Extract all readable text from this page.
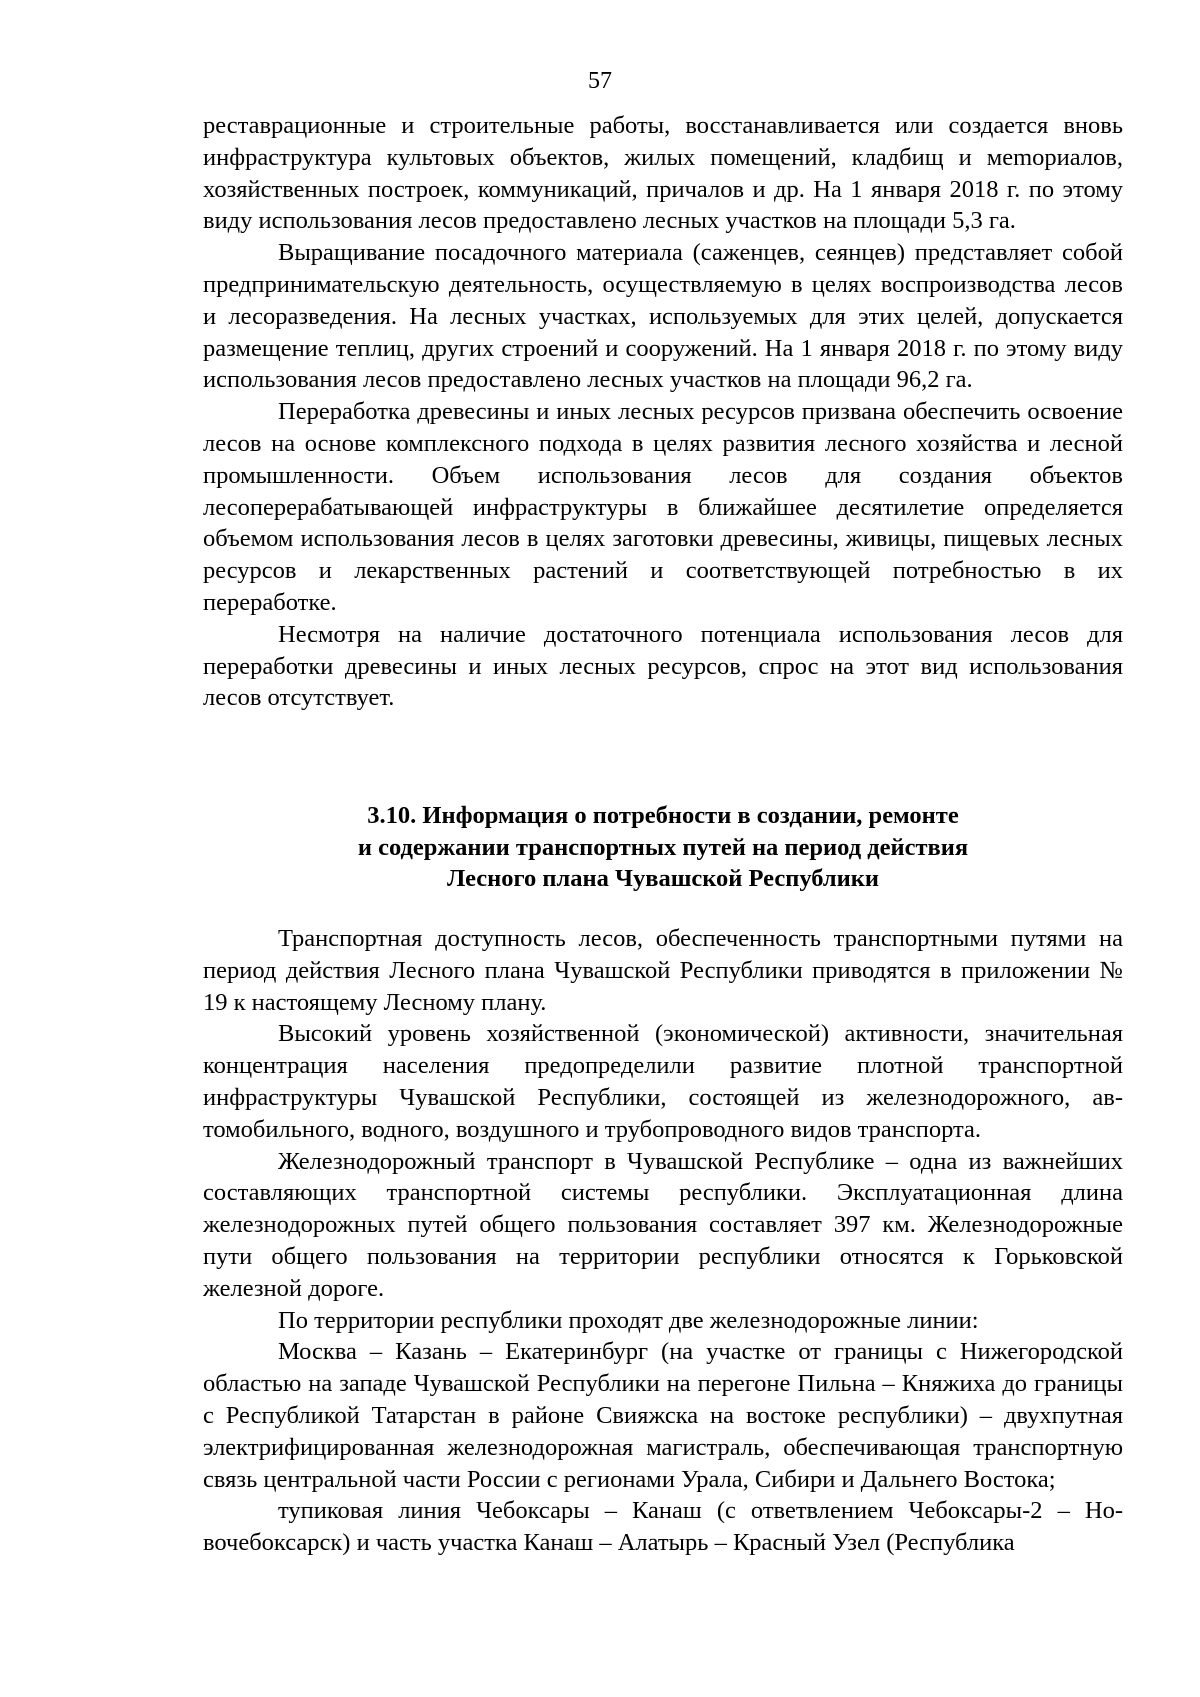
57

реставрационные и строительные работы, восстанавливается или создается вновь инфраструктура культовых объектов, жилых помещений, кладбищ и меmориалов, хозяйственных построек, коммуникаций, причалов и др. На 1 января 2018 г. по этому виду использования лесов предоставлено лесных участков на площади 5,3 га.

Выращивание посадочного материала (саженцев, сеянцев) представляет собой предпринимательскую деятельность, осуществляемую в целях воспроизводства лесов и лесоразведения. На лесных участках, используемых для этих целей, допускается размещение теплиц, других строений и сооружений. На 1 января 2018 г. по этому виду использования лесов предоставлено лесных участков на площади 96,2 га.

Переработка древесины и иных лесных ресурсов призвана обеспечить освоение лесов на основе комплексного подхода в целях развития лесного хозяйства и лесной промышленности. Объем использования лесов для создания объектов лесоперерабатывающей инфраструктуры в ближайшее десятилетие определяется объемом использования лесов в целях заготовки древесины, живицы, пищевых лесных ресурсов и лекарственных растений и соответствующей потребностью в их переработке.

Несмотря на наличие достаточного потенциала использования лесов для переработки древесины и иных лесных ресурсов, спрос на этот вид использования лесов отсутствует.

3.10. Информация о потребности в создании, ремонте
и содержании транспортных путей на период действия
Лесного плана Чувашской Республики

Транспортная доступность лесов, обеспеченность транспортными путями на период действия Лесного плана Чувашской Республики приводятся в приложении № 19 к настоящему Лесному плану.

Высокий уровень хозяйственной (экономической) активности, значительная концентрация населения предопределили развитие плотной транспортной инфраструктуры Чувашской Республики, состоящей из железнодорожного, автомобильного, водного, воздушного и трубопроводного видов транспорта.

Железнодорожный транспорт в Чувашской Республике – одна из важнейших составляющих транспортной системы республики. Эксплуатационная длина железнодорожных путей общего пользования составляет 397 км. Железнодорожные пути общего пользования на территории республики относятся к Горьковской железной дороге.

По территории республики проходят две железнодорожные линии:

Москва – Казань – Екатеринбург (на участке от границы с Нижегородской областью на западе Чувашской Республики на перегоне Пильна – Княжиха до границы с Республикой Татарстан в районе Свияжска на востоке республики) – двухпутная электрифицированная железнодорожная магистраль, обеспечивающая транспортную связь центральной части России с регионами Урала, Сибири и Дальнего Востока;

тупиковая линия Чебоксары – Канаш (с ответвлением Чебоксары-2 – Новочебоксарск) и часть участка Канаш – Алатырь – Красный Узел (Республика
